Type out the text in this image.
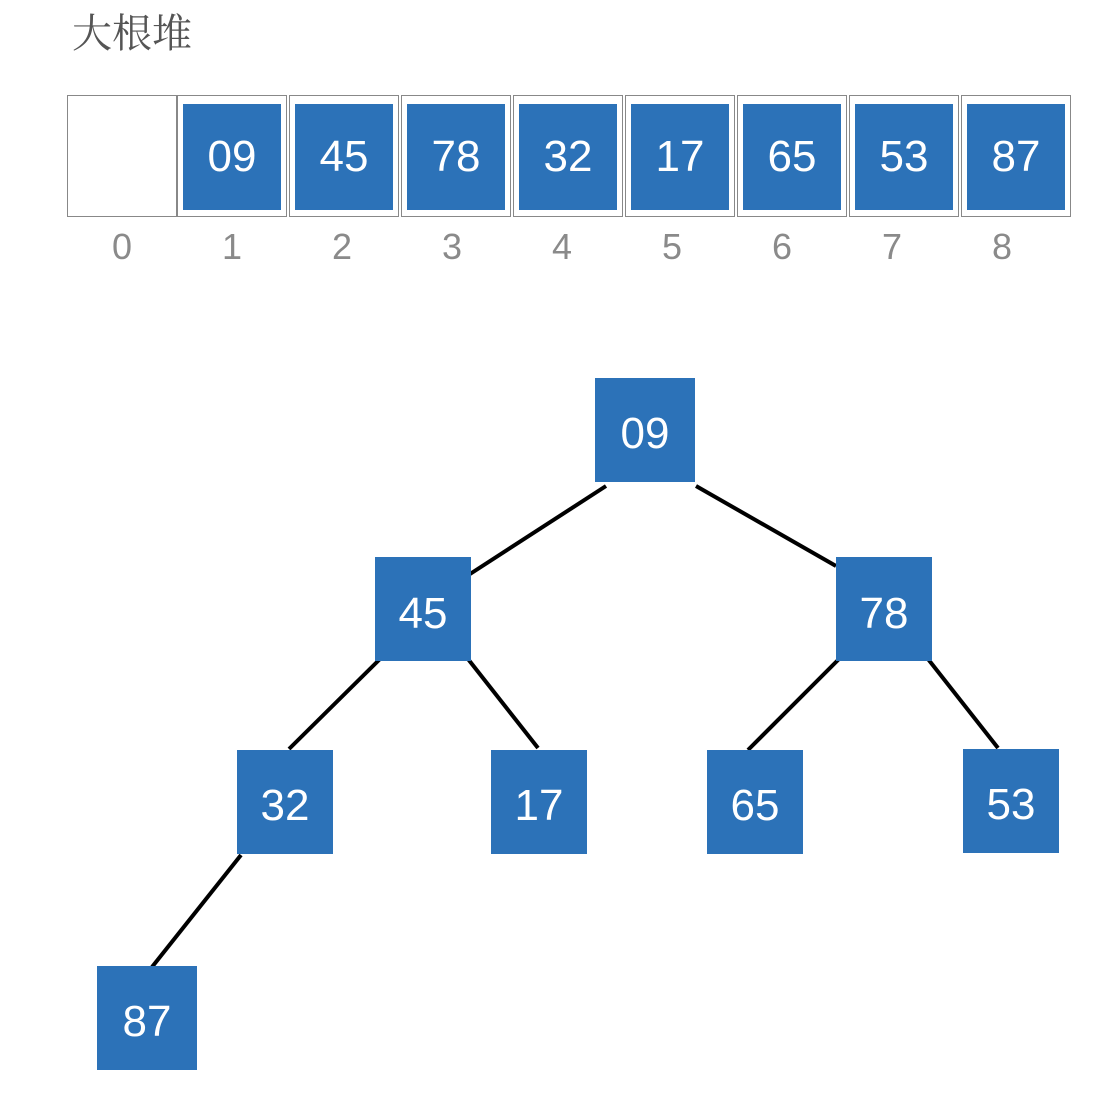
大根堆
09	45	78	32	17	65	53	87
0	1	2	3	4	5	6	7	8
09
45	78
32	17	65	53
87
